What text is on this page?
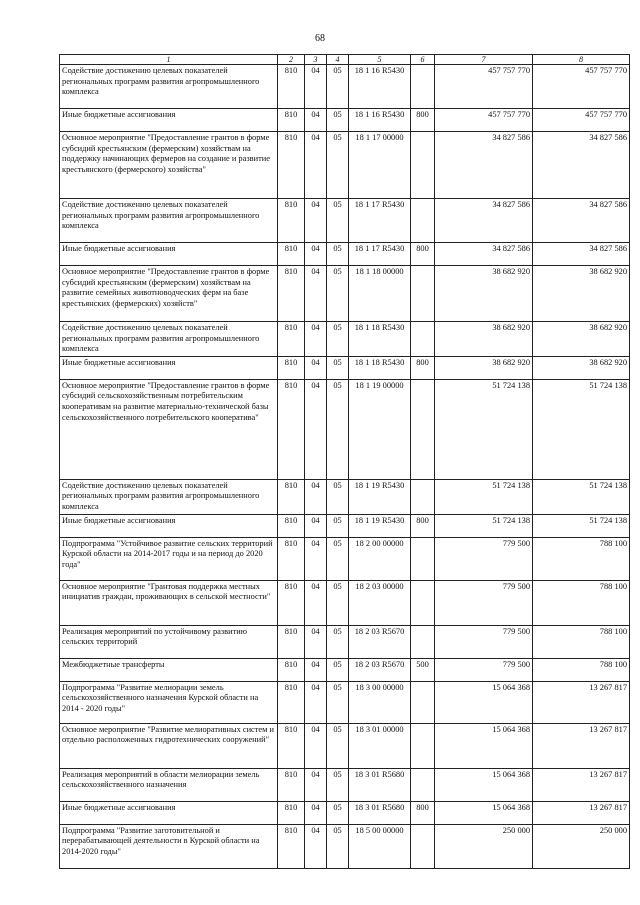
68
1	2	3	4	5	6	7	8
Содействие достижению целевых показателей региональных программ развития агропромышленного комплекса	810	04	05	18 1 16 R5430		457 757 770	457 757 770
Иные бюджетные ассигнования	810	04	05	18 1 16 R5430	800	457 757 770	457 757 770
Основное мероприятие "Предоставление грантов в форме субсидий крестьянским (фермерским) хозяйствам на поддержку начинающих фермеров на создание и развитие крестьянского (фермерского) хозяйства"	810	04	05	18 1 17 00000		34 827 586	34 827 586
Содействие достижению целевых показателей региональных программ развития агропромышленного комплекса	810	04	05	18 1 17 R5430		34 827 586	34 827 586
Иные бюджетные ассигнования	810	04	05	18 1 17 R5430	800	34 827 586	34 827 586
Основное мероприятие "Предоставление грантов в форме субсидий крестьянским (фермерским) хозяйствам на развитие семейных животноводческих ферм на базе крестьянских (фермерских) хозяйств"	810	04	05	18 1 18 00000		38 682 920	38 682 920
Содействие достижению целевых показателей региональных программ развития агропромышленного комплекса	810	04	05	18 1 18 R5430		38 682 920	38 682 920
Иные бюджетные ассигнования	810	04	05	18 1 18 R5430	800	38 682 920	38 682 920
Основное мероприятие "Предоставление грантов в форме субсидий сельскохозяйственным потребительским кооперативам на развитие материально-технической базы сельскохозяйственного потребительского кооператива"	810	04	05	18 1 19 00000		51 724 138	51 724 138
Содействие достижению целевых показателей региональных программ развития агропромышленного комплекса	810	04	05	18 1 19 R5430		51 724 138	51 724 138
Иные бюджетные ассигнования	810	04	05	18 1 19 R5430	800	51 724 138	51 724 138
Подпрограмма "Устойчивое развитие сельских территорий Курской области на 2014-2017 годы и на период до 2020 года"	810	04	05	18 2 00 00000		779 500	788 100
Основное мероприятие "Грантовая поддержка местных инициатив граждан, проживающих в сельской местности"	810	04	05	18 2 03 00000		779 500	788 100
Реализация мероприятий по устойчивому развитию сельских территорий	810	04	05	18 2 03 R5670		779 500	788 100
Межбюджетные трансферты	810	04	05	18 2 03 R5670	500	779 500	788 100
Подпрограмма "Развитие мелиорации земель сельскохозяйственного назначения Курской области на 2014 - 2020 годы"	810	04	05	18 3 00 00000		15 064 368	13 267 817
Основное мероприятие "Развитие мелиоративных систем и отдельно расположенных гидротехнических сооружений"	810	04	05	18 3 01 00000		15 064 368	13 267 817
Реализация мероприятий в области мелиорации земель сельскохозяйственного назначения	810	04	05	18 3 01 R5680		15 064 368	13 267 817
Иные бюджетные ассигнования	810	04	05	18 3 01 R5680	800	15 064 368	13 267 817
Подпрограмма "Развитие заготовительной и перерабатывающей деятельности в Курской области на 2014-2020 годы"	810	04	05	18 5 00 00000		250 000	250 000
